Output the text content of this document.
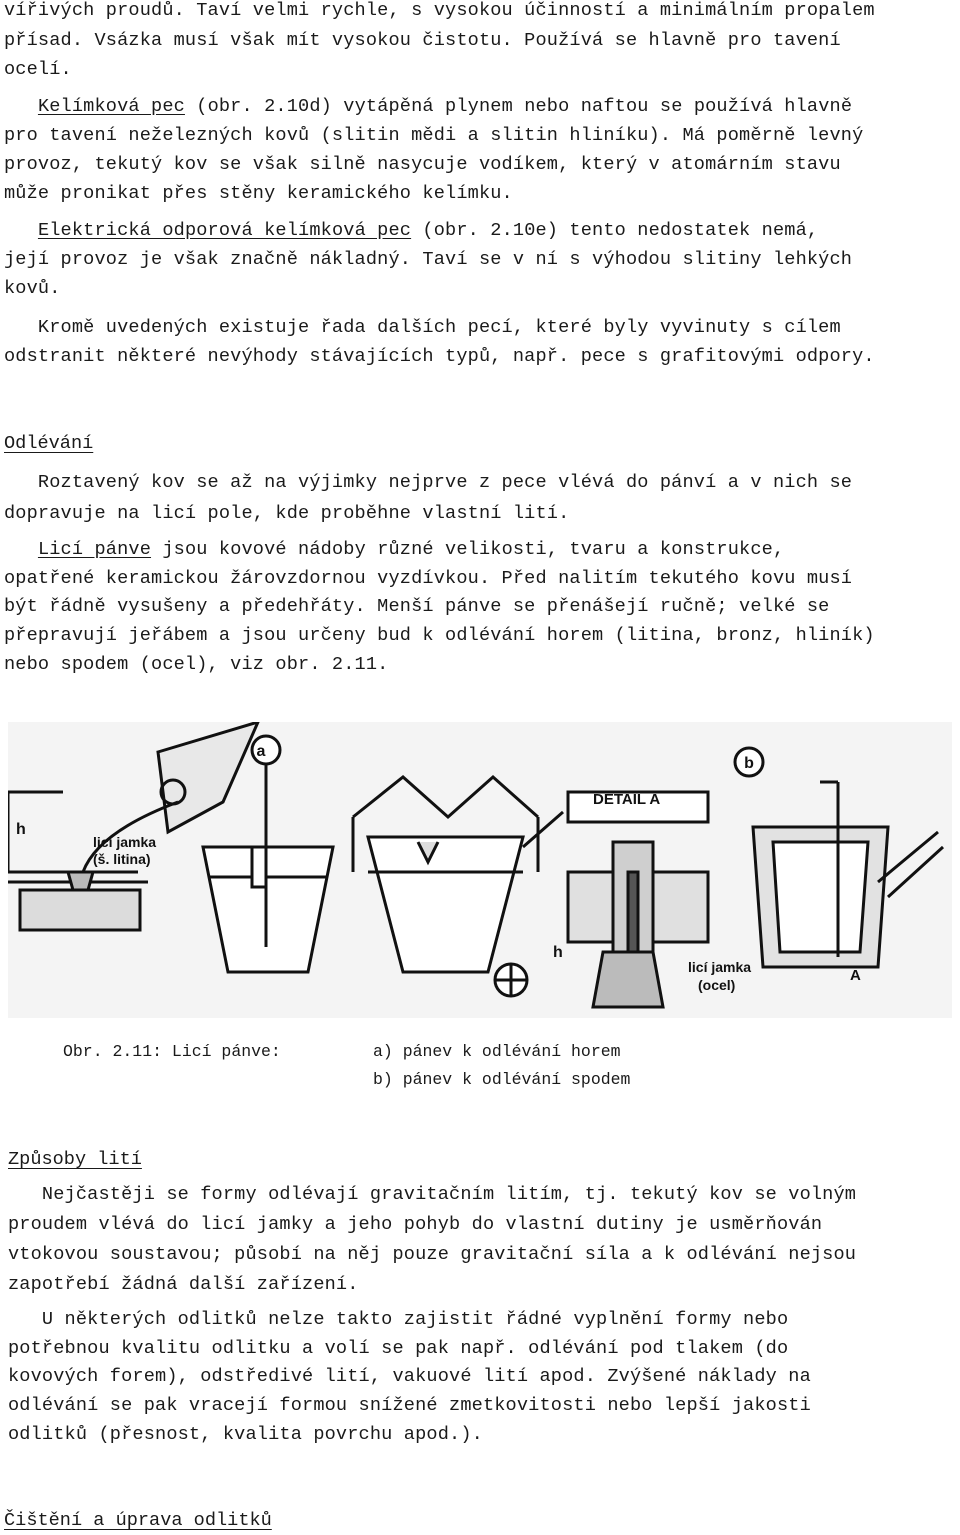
vířivých proudů. Taví velmi rychle, s vysokou účinností a minimálním propalem
přísad. Vsázka musí však mít vysokou čistotu. Používá se hlavně pro tavení
ocelí.
Kelímková pec (obr. 2.10d) vytápěná plynem nebo naftou se používá hlavně
pro tavení neželezných kovů (slitin mědi a slitin hliníku). Má poměrně levný
provoz, tekutý kov se však silně nasycuje vodíkem, který v atomárním stavu
může pronikat přes stěny keramického kelímku.
Elektrická odporová kelímková pec (obr. 2.10e) tento nedostatek nemá,
její provoz je však značně nákladný. Taví se v ní s výhodou slitiny lehkých
kovů.
Kromě uvedených existuje řada dalších pecí, které byly vyvinuty s cílem
odstranit některé nevýhody stávajících typů, např. pece s grafitovými odpory.
Odlévání
Roztavený kov se až na výjimky nejprve z pece vlévá do pánví a v nich se
dopravuje na licí pole, kde proběhne vlastní lití.
Licí pánve jsou kovové nádoby různé velikosti, tvaru a konstrukce,
opatřené keramickou žárovzdornou vyzdívkou. Před nalitím tekutého kovu musí
být řádně vysušeny a předehřáty. Menší pánve se přenášejí ručně; velké se
přepravují jeřábem a jsou určeny bud k odlévání horem (litina, bronz, hliník)
nebo spodem (ocel), viz obr. 2.11.
a
b
h
licí jamka
(š. litina)
DETAIL A
h
licí jamka
(ocel)
A
Obr. 2.11: Licí pánve:	a) pánev k odlévání horem
b) pánev k odlévání spodem
Způsoby lití
Nejčastěji se formy odlévají gravitačním litím, tj. tekutý kov se volným
proudem vlévá do licí jamky a jeho pohyb do vlastní dutiny je usměrňován
vtokovou soustavou; působí na něj pouze gravitační síla a k odlévání nejsou
zapotřebí žádná další zařízení.
U některých odlitků nelze takto zajistit řádné vyplnění formy nebo
potřebnou kvalitu odlitku a volí se pak např. odlévání pod tlakem (do
kovových forem), odstředivé lití, vakuové lití apod. Zvýšené náklady na
odlévání se pak vracejí formou snížené zmetkovitosti nebo lepší jakosti
odlitků (přesnost, kvalita povrchu apod.).
Čištění a úprava odlitků
